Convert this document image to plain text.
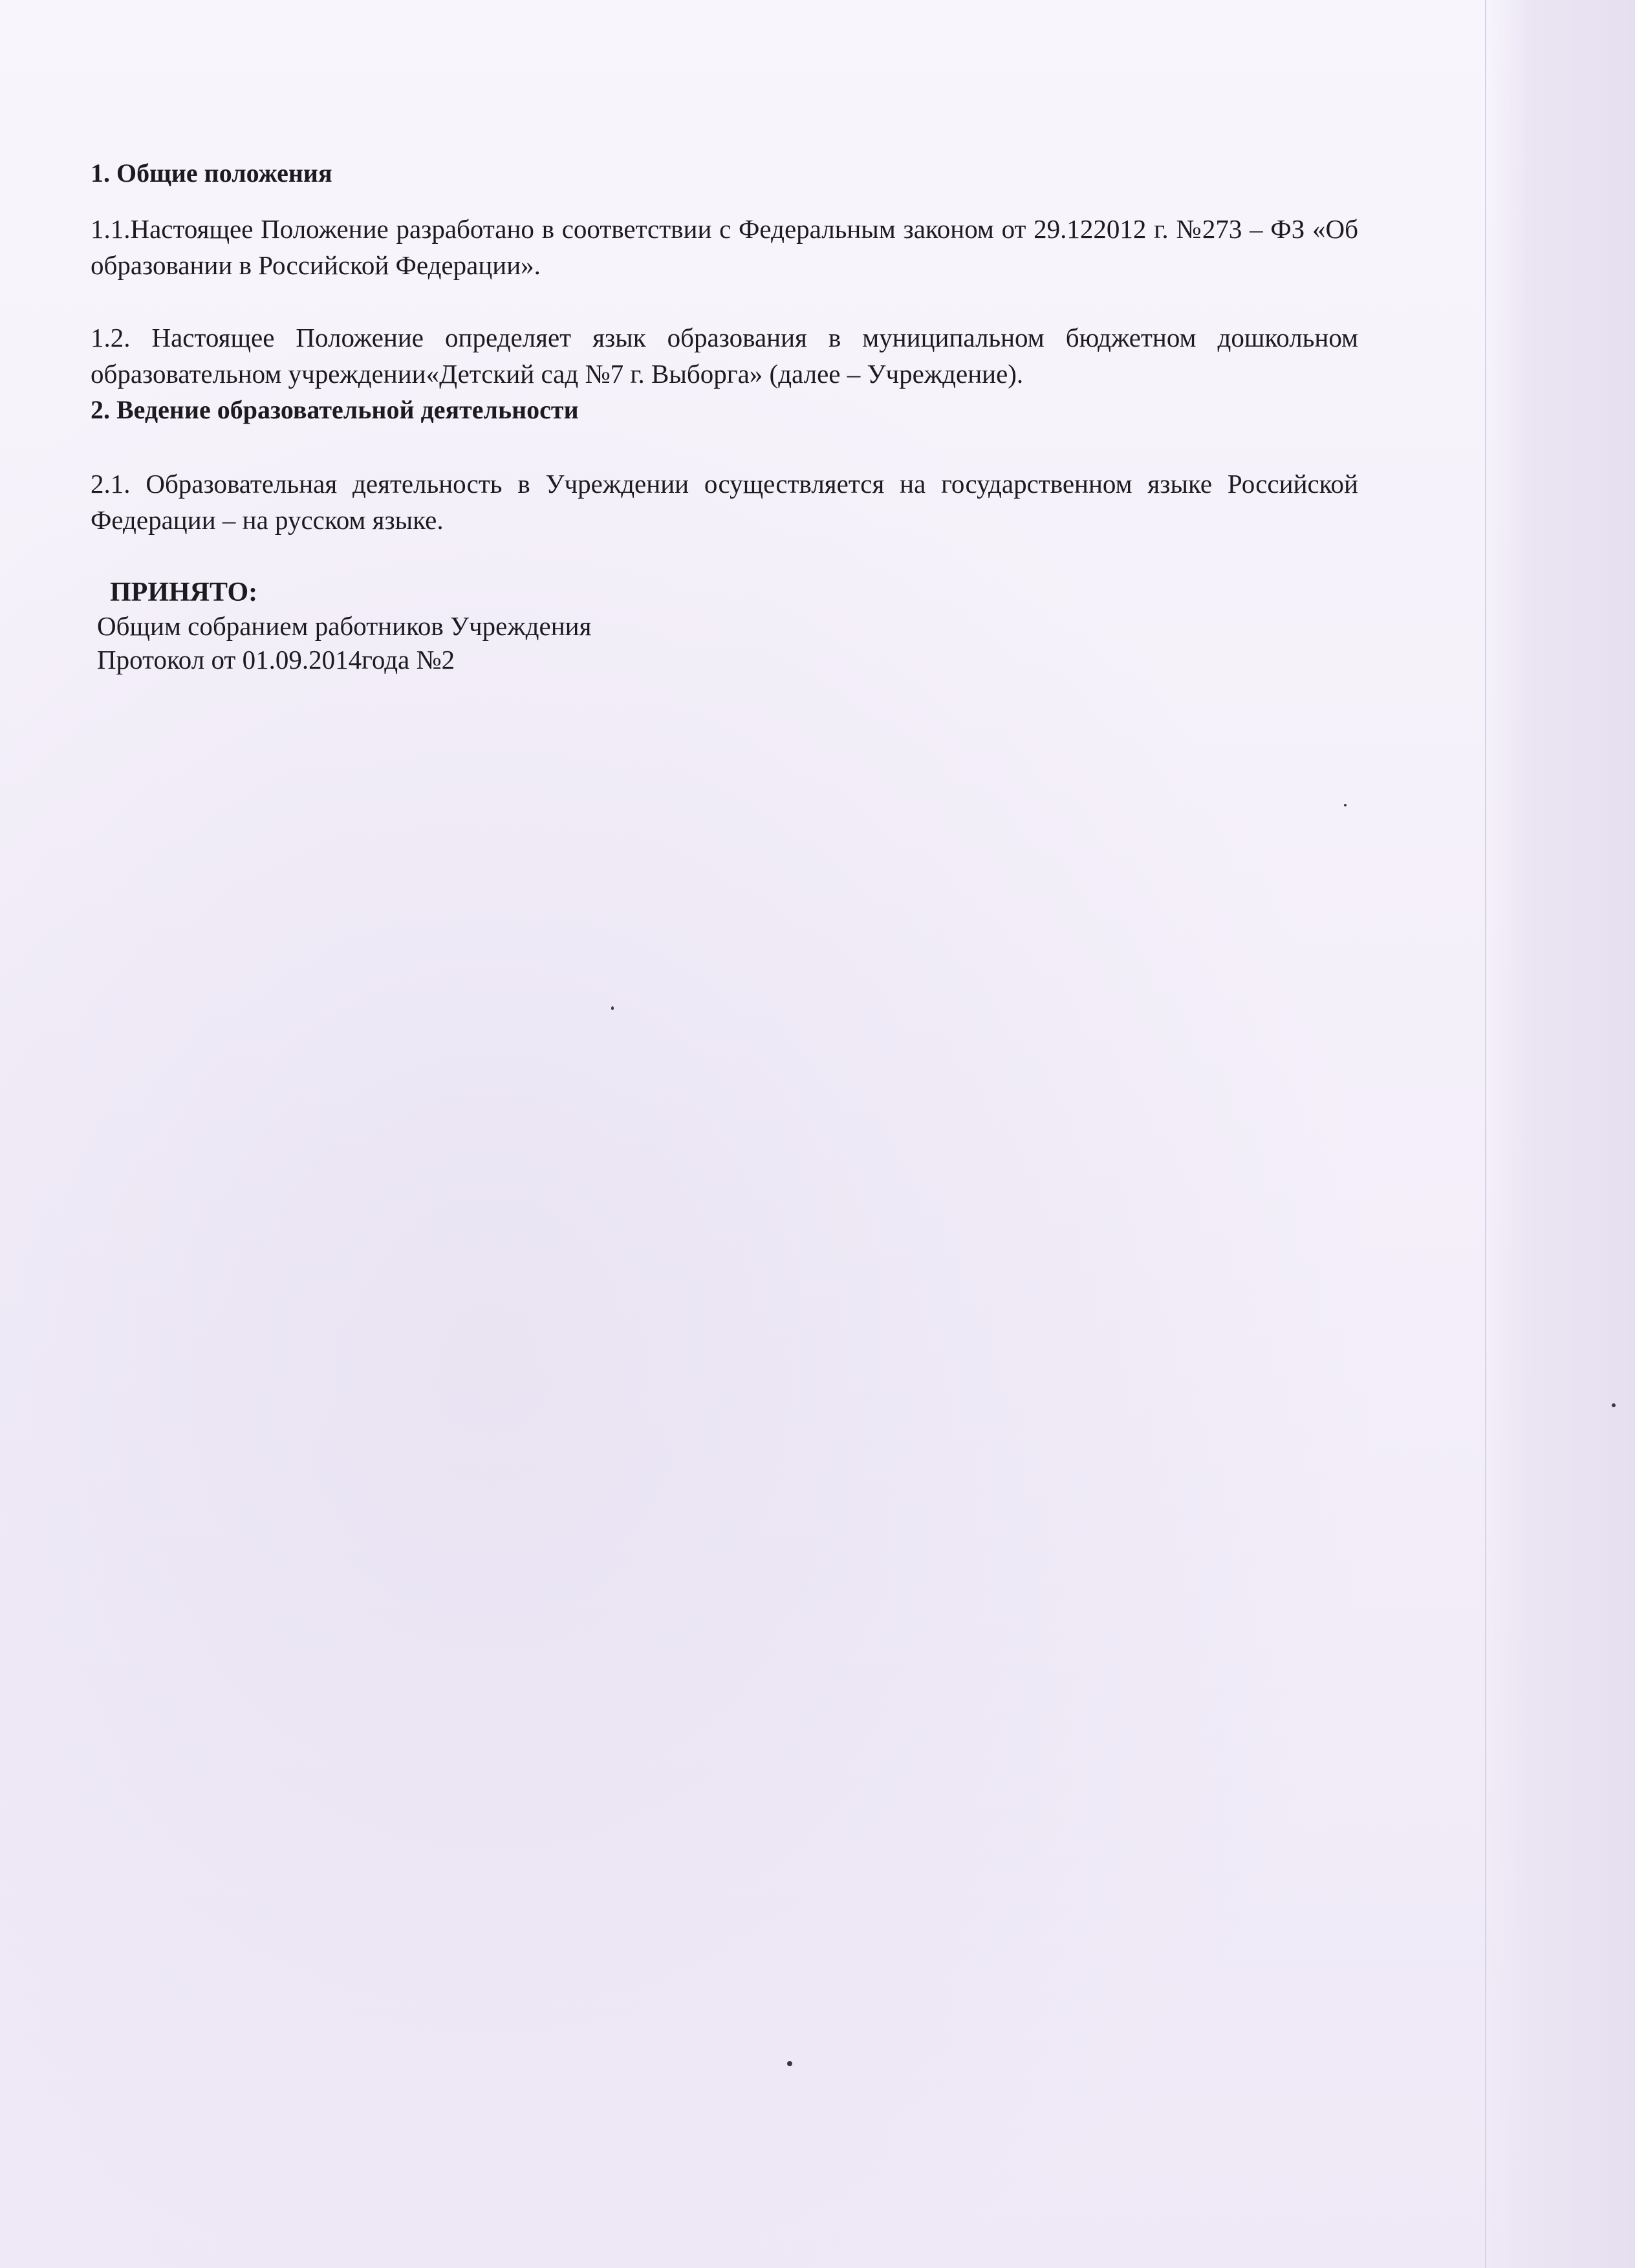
1. Общие положения

1.1.Настоящее Положение разработано в соответствии с Федеральным законом от 29.122012 г. №273 – ФЗ «Об образовании в Российской Федерации».

1.2. Настоящее Положение определяет язык образования в муниципальном бюджетном дошкольном образовательном учреждении«Детский сад №7 г. Выборга» (далее – Учреждение).

2. Ведение образовательной деятельности

2.1. Образовательная деятельность в Учреждении осуществляется на государственном языке Российской Федерации – на русском языке.

ПРИНЯТО:

Общим собранием работников Учреждения

Протокол от 01.09.2014года №2
